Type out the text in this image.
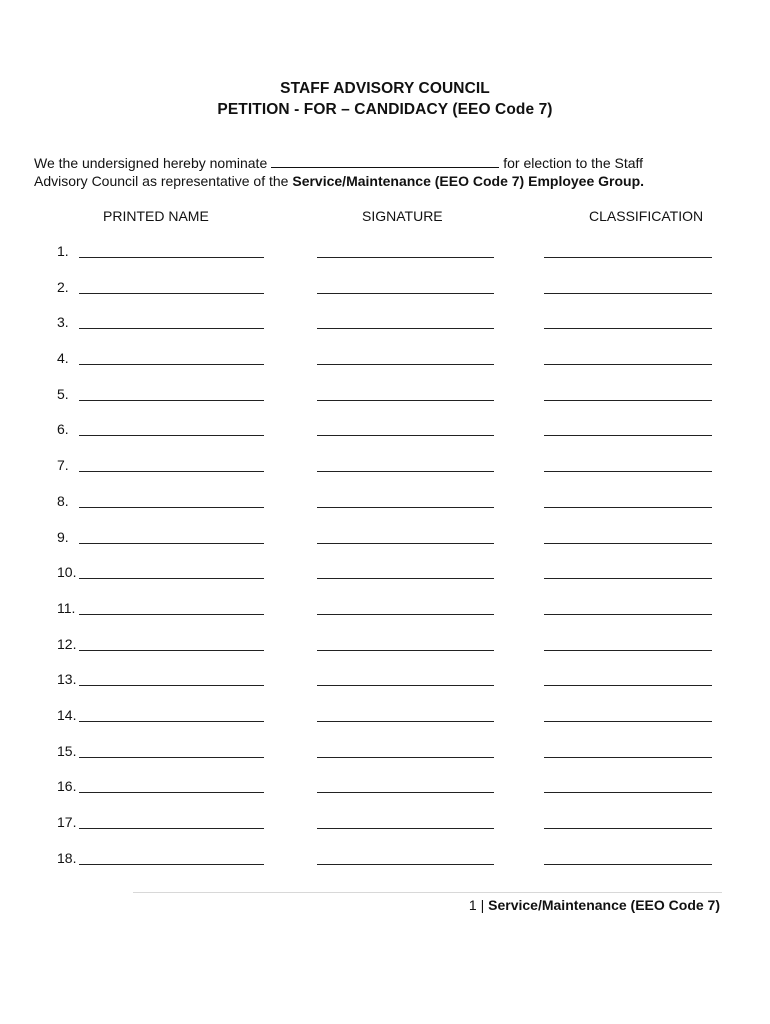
STAFF ADVISORY COUNCIL
PETITION - FOR – CANDIDACY (EEO Code 7)
We the undersigned hereby nominate	for election to the Staff
Advisory Council as representative of the Service/Maintenance (EEO Code 7) Employee Group.
PRINTED NAME	SIGNATURE	CLASSIFICATION
1.
2.
3.
4.
5.
6.
7.
8.
9.
10.
11.
12.
13.
14.
15.
16.
17.
18.
1 | Service/Maintenance (EEO Code 7)
